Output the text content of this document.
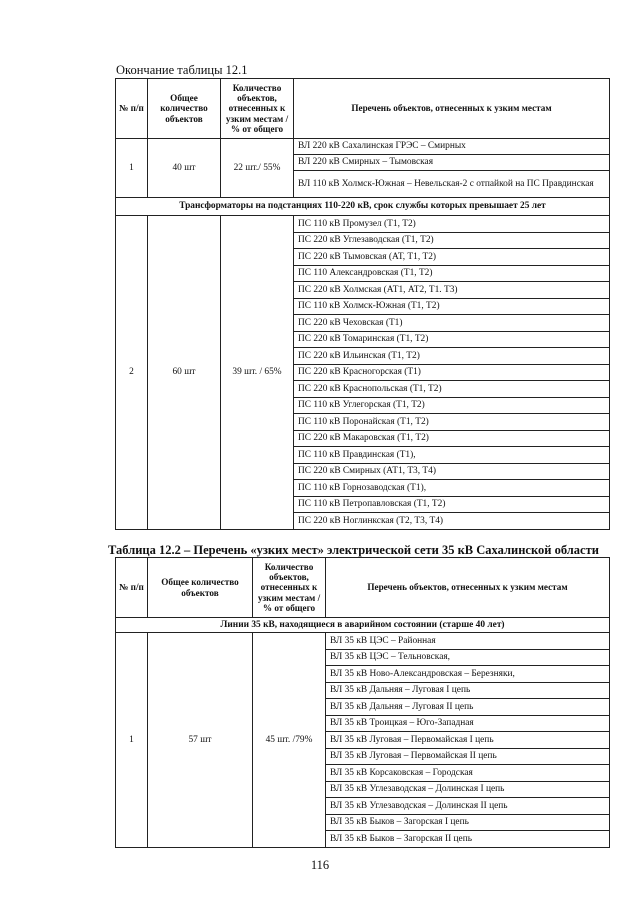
Окончание таблицы 12.1
№ п/п	Общее количество объектов	Количество объектов, отнесенных к узким местам / % от общего	Перечень объектов, отнесенных к узким местам
1	40 шт	22 шт./ 55%	ВЛ 220 кВ Сахалинская ГРЭС – Смирных
			ВЛ 220 кВ Смирных – Тымовская
			ВЛ 110 кВ Холмск-Южная – Невельская-2 с отпайкой на ПС Правдинская
Трансформаторы на подстанциях 110-220 кВ, срок службы которых превышает 25 лет			
2	60 шт	39 шт. / 65%	ПС 110 кВ Промузел (Т1, Т2)
			ПС 220 кВ Углезаводская (Т1, Т2)
			ПС 220 кВ Тымовская (АТ, Т1, Т2)
			ПС 110 Александровская (Т1, Т2)
			ПС 220 кВ Холмская (АТ1, АТ2, Т1. Т3)
			ПС 110 кВ Холмск-Южная (Т1, Т2)
			ПС 220 кВ Чеховская (Т1)
			ПС 220 кВ Томаринская (Т1, Т2)
			ПС 220 кВ Ильинская (Т1, Т2)
			ПС 220 кВ Красногорская (Т1)
			ПС 220 кВ Краснопольская (Т1, Т2)
			ПС 110 кВ Углегорская (Т1, Т2)
			ПС 110 кВ Поронайская (Т1, Т2)
			ПС 220 кВ Макаровская (Т1, Т2)
			ПС 110 кВ Правдинская (Т1),
			ПС 220 кВ Смирных (АТ1, Т3, Т4)
			ПС 110 кВ Горнозаводская (Т1),
			ПС 110 кВ Петропавловская (Т1, Т2)
			ПС 220 кВ Ноглинкская (Т2, Т3, Т4)
Таблица 12.2 – Перечень «узких мест» электрической сети 35 кВ Сахалинской области
№ п/п	Общее количество объектов	Количество объектов, отнесенных к узким местам / % от общего	Перечень объектов, отнесенных к узким местам
Линии 35 кВ, находящиеся в аварийном состоянии (старше 40 лет)			
1	57 шт	45 шт. /79%	ВЛ 35 кВ ЦЭС – Районная
			ВЛ 35 кВ ЦЭС – Тельновская,
			ВЛ 35 кВ Ново-Александровская – Березняки,
			ВЛ 35 кВ Дальняя – Луговая I цепь
			ВЛ 35 кВ Дальняя – Луговая II цепь
			ВЛ 35 кВ Троицкая – Юго-Западная
			ВЛ 35 кВ Луговая – Первомайская I цепь
			ВЛ 35 кВ Луговая – Первомайская II цепь
			ВЛ 35 кВ Корсаковская – Городская
			ВЛ 35 кВ Углезаводская – Долинская I цепь
			ВЛ 35 кВ Углезаводская – Долинская II цепь
			ВЛ 35 кВ Быков – Загорская I цепь
			ВЛ 35 кВ Быков – Загорская II цепь
116
